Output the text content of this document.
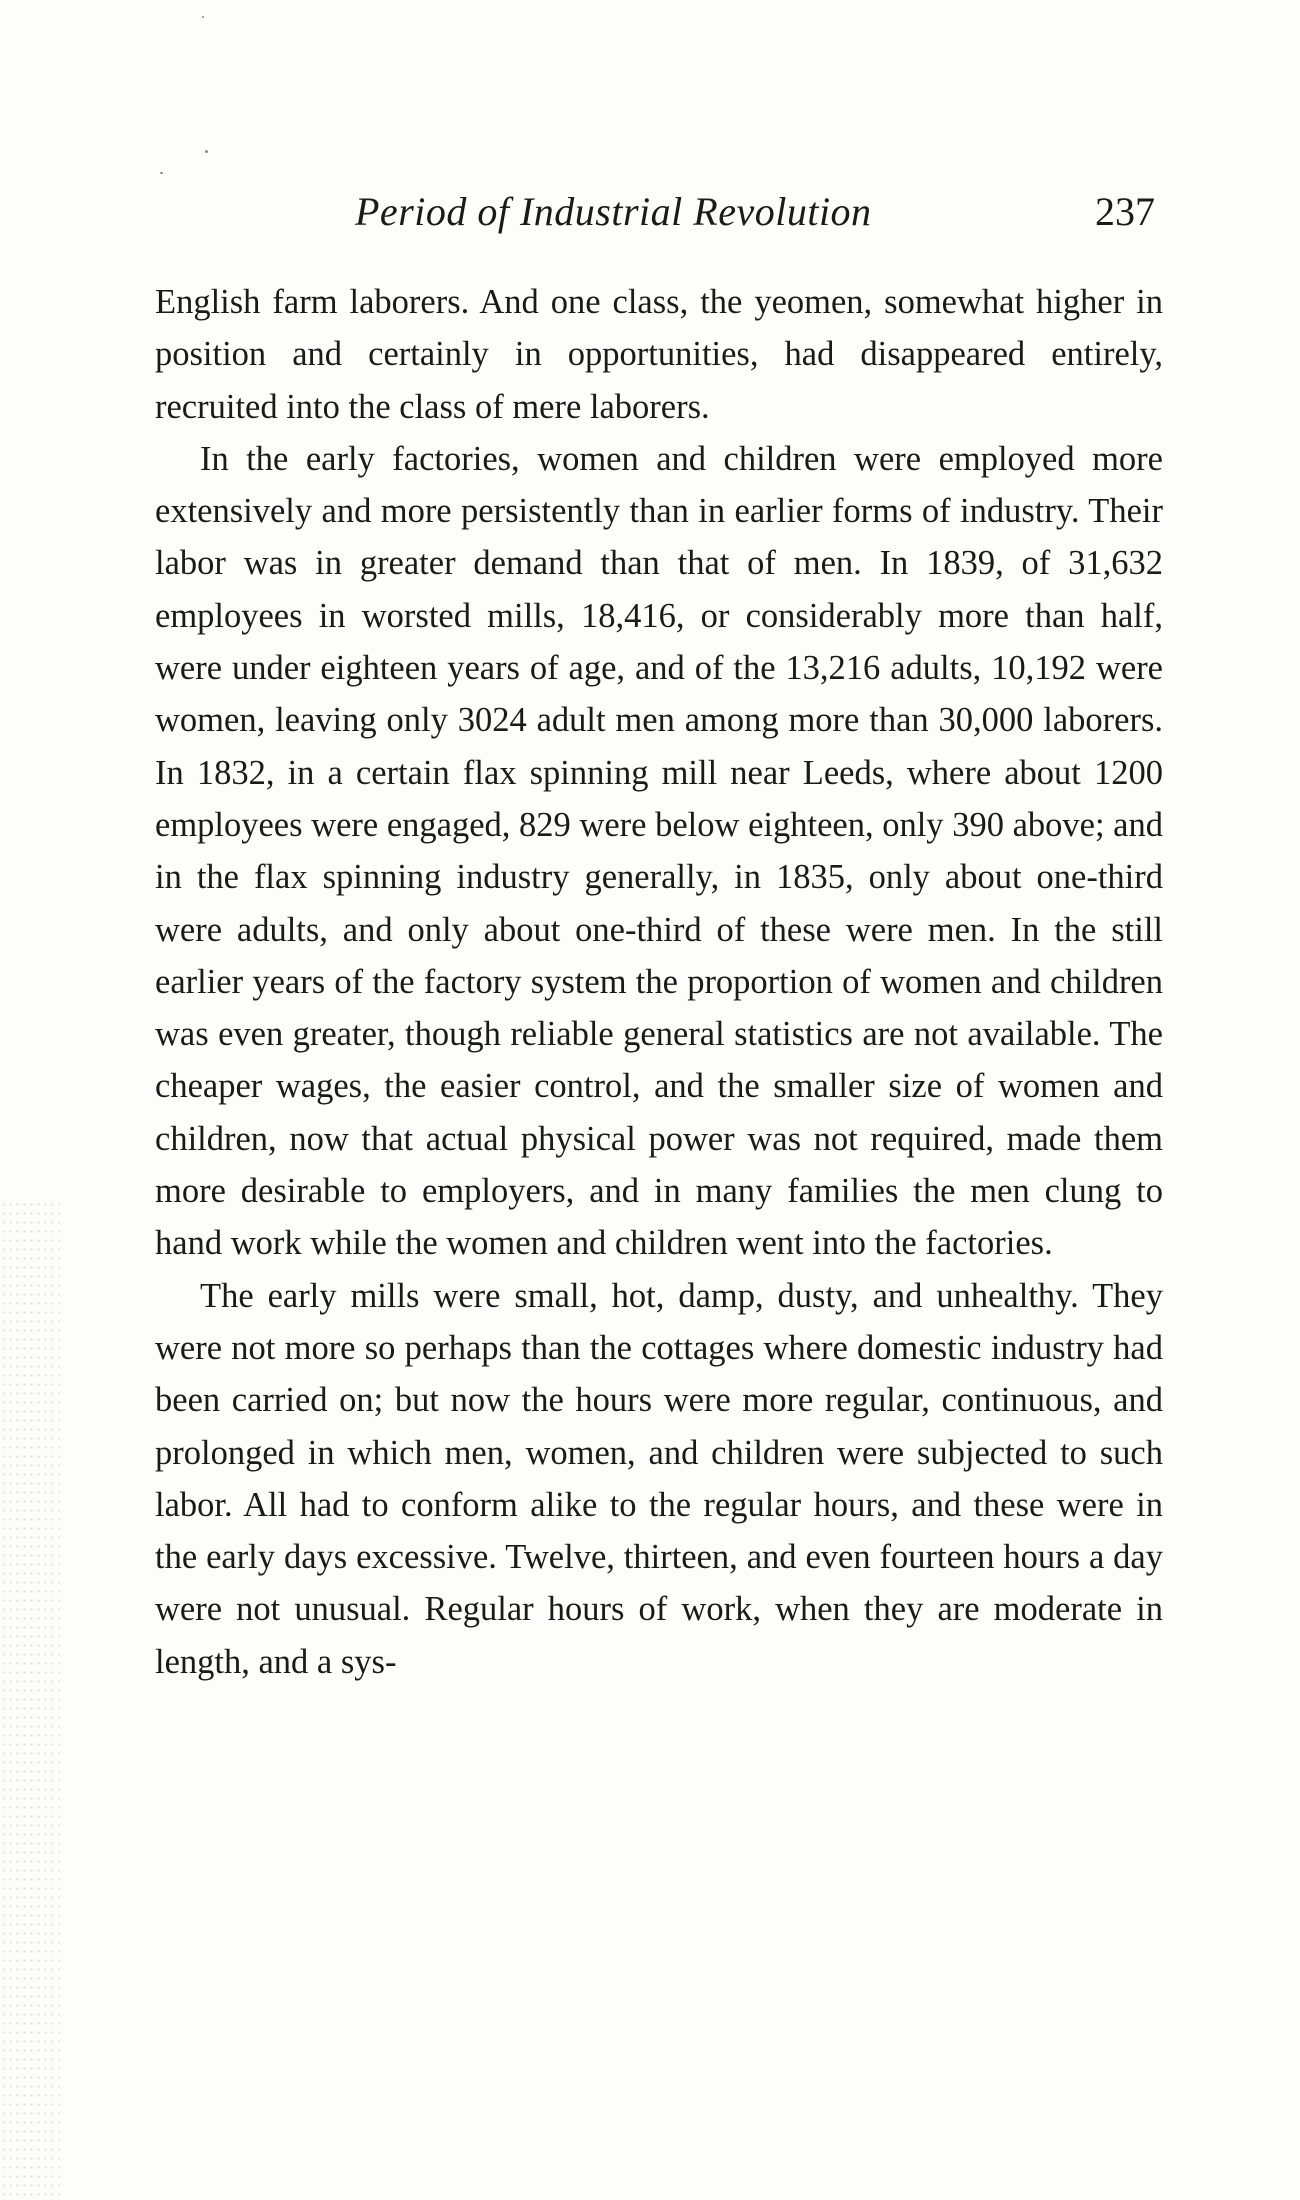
Period of Industrial Revolution	237

English farm laborers. And one class, the yeomen, somewhat higher in position and certainly in opportunities, had disappeared entirely, recruited into the class of mere laborers.

In the early factories, women and children were employed more extensively and more persistently than in earlier forms of industry. Their labor was in greater demand than that of men. In 1839, of 31,632 employees in worsted mills, 18,416, or considerably more than half, were under eighteen years of age, and of the 13,216 adults, 10,192 were women, leaving only 3024 adult men among more than 30,000 laborers. In 1832, in a certain flax spinning mill near Leeds, where about 1200 employees were engaged, 829 were below eighteen, only 390 above; and in the flax spinning industry generally, in 1835, only about one-third were adults, and only about one-third of these were men. In the still earlier years of the factory system the proportion of women and children was even greater, though reliable general statistics are not available. The cheaper wages, the easier control, and the smaller size of women and children, now that actual physical power was not required, made them more desirable to employers, and in many families the men clung to hand work while the women and children went into the factories.

The early mills were small, hot, damp, dusty, and unhealthy. They were not more so perhaps than the cottages where domestic industry had been carried on; but now the hours were more regular, continuous, and prolonged in which men, women, and children were subjected to such labor. All had to conform alike to the regular hours, and these were in the early days excessive. Twelve, thirteen, and even fourteen hours a day were not unusual. Regular hours of work, when they are moderate in length, and a sys-
